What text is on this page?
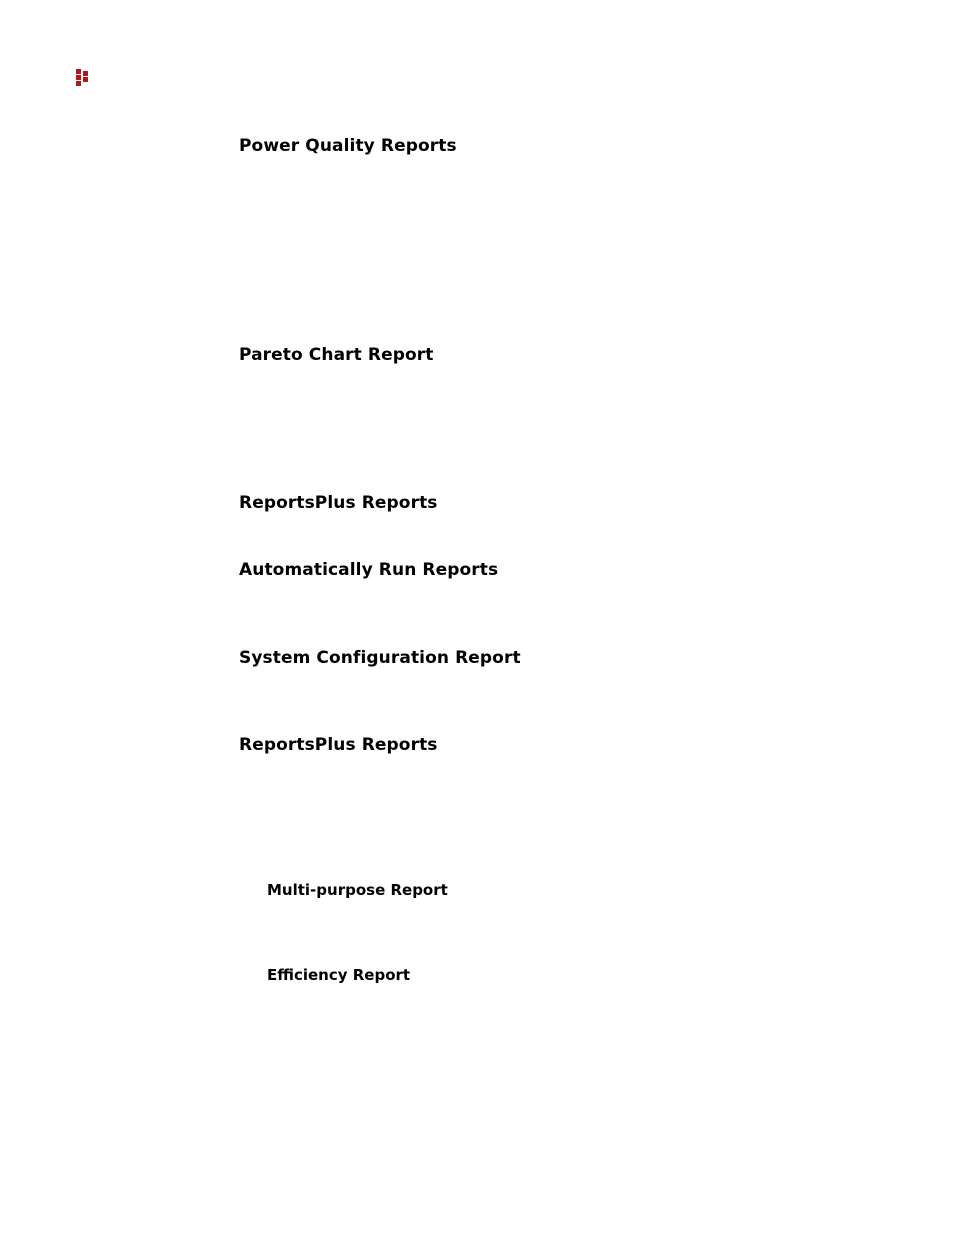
Power Quality Reports
Pareto Chart Report
ReportsPlus Reports
Automatically Run Reports
System Configuration Report
ReportsPlus Reports
Multi-purpose Report
Efficiency Report
